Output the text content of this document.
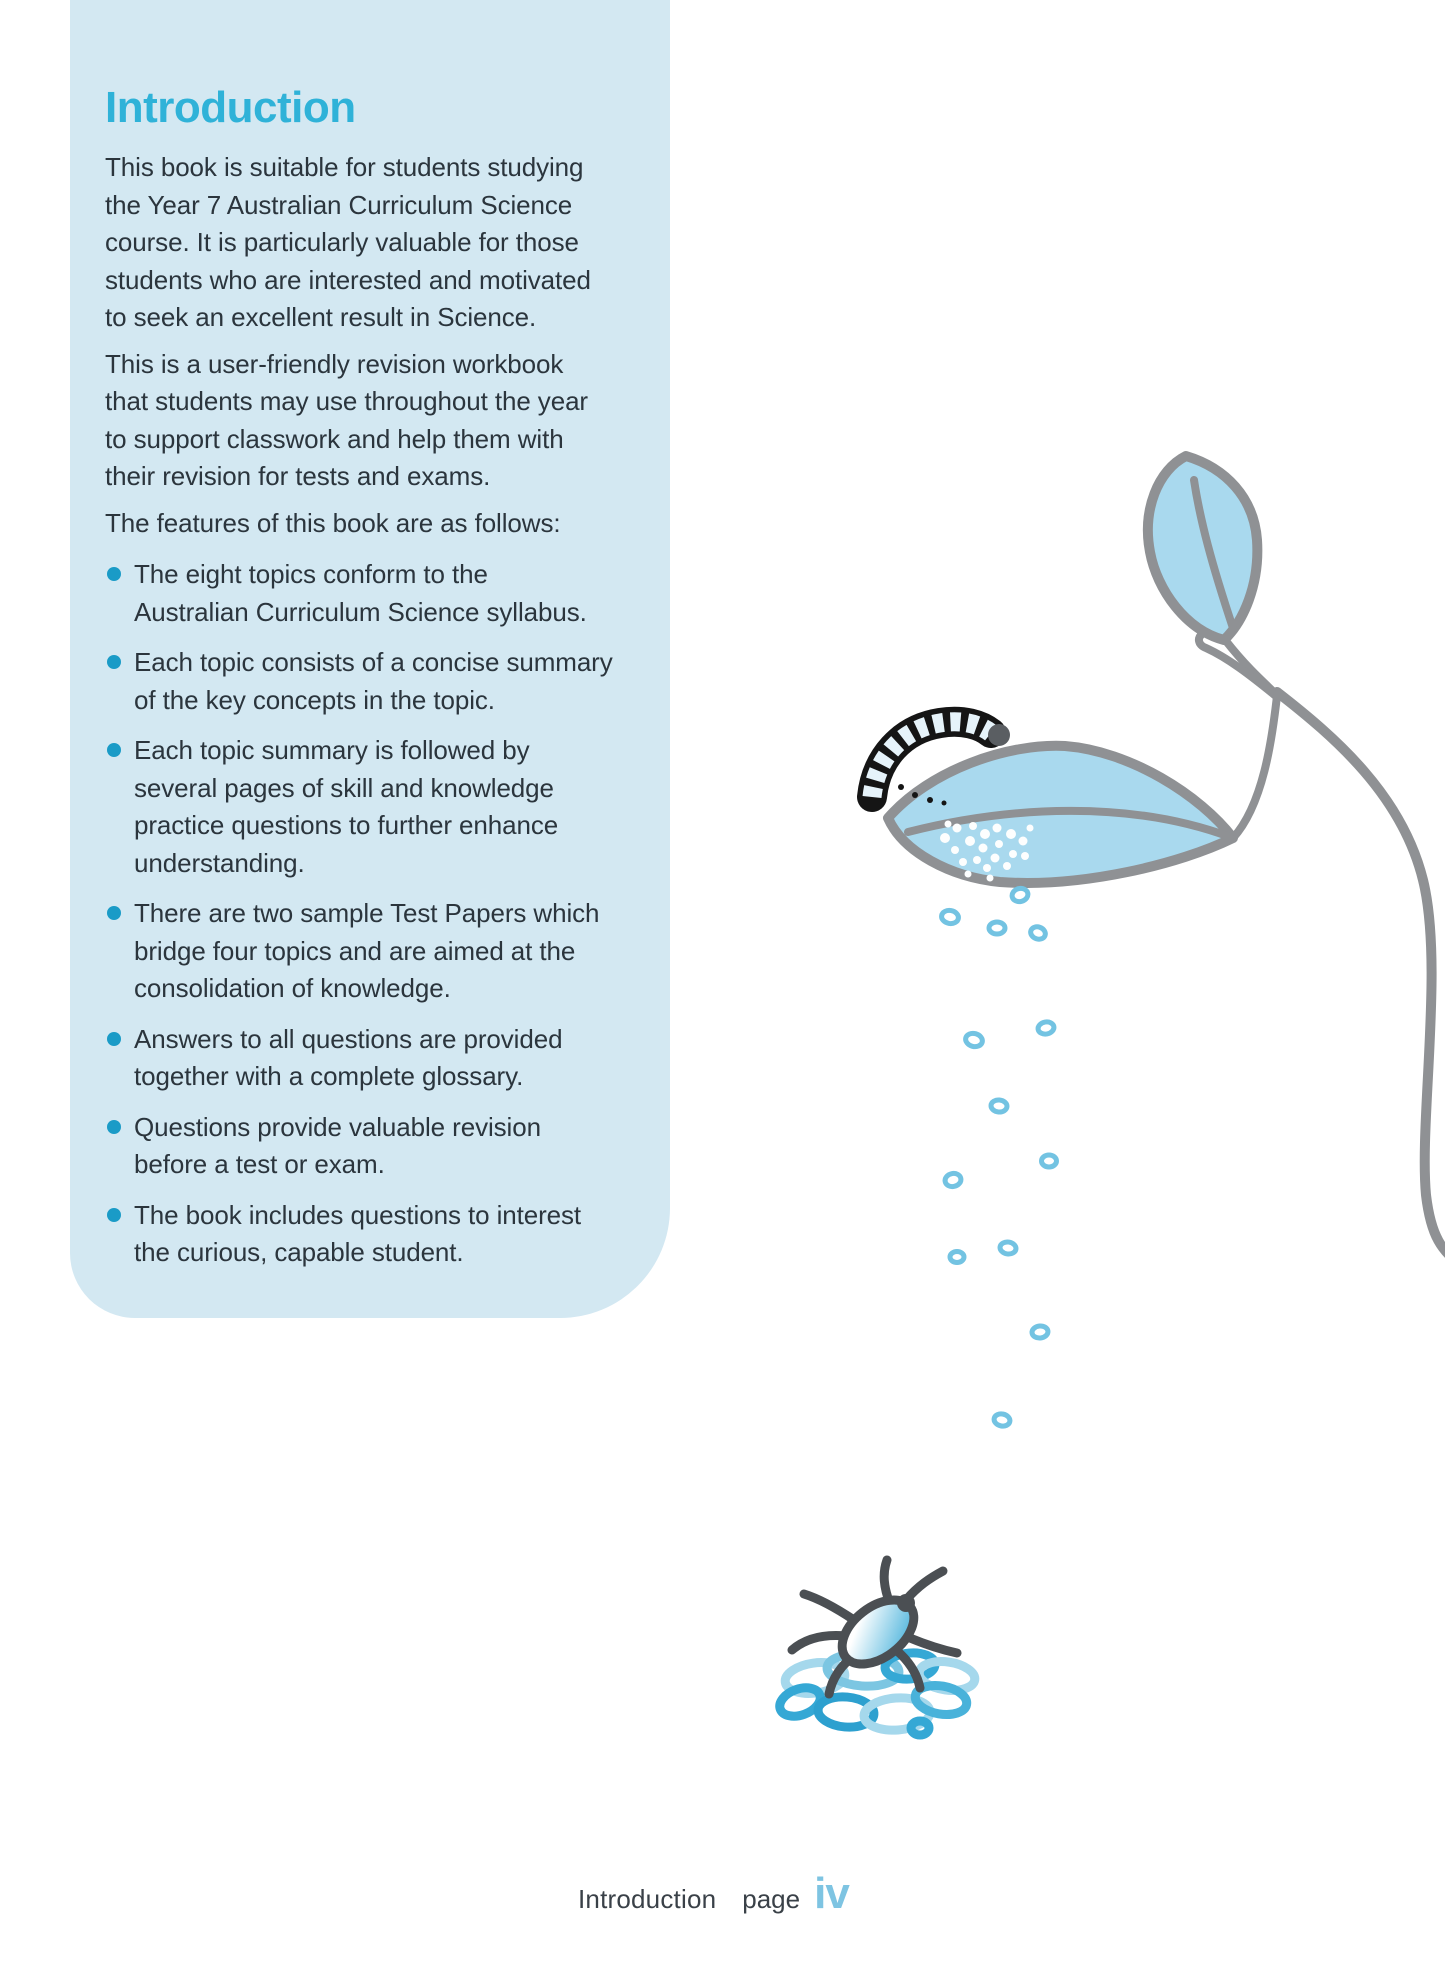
Introduction
This book is suitable for students studying
the Year 7 Australian Curriculum Science
course. It is particularly valuable for those
students who are interested and motivated
to seek an excellent result in Science.
This is a user-friendly revision workbook
that students may use throughout the year
to support classwork and help them with
their revision for tests and exams.
The features of this book are as follows:
The eight topics conform to the
Australian Curriculum Science syllabus.
Each topic consists of a concise summary
of the key concepts in the topic.
Each topic summary is followed by
several pages of skill and knowledge
practice questions to further enhance
understanding.
There are two sample Test Papers which
bridge four topics and are aimed at the
consolidation of knowledge.
Answers to all questions are provided
together with a complete glossary.
Questions provide valuable revision
before a test or exam.
The book includes questions to interest
the curious, capable student.
Introduction page iv
